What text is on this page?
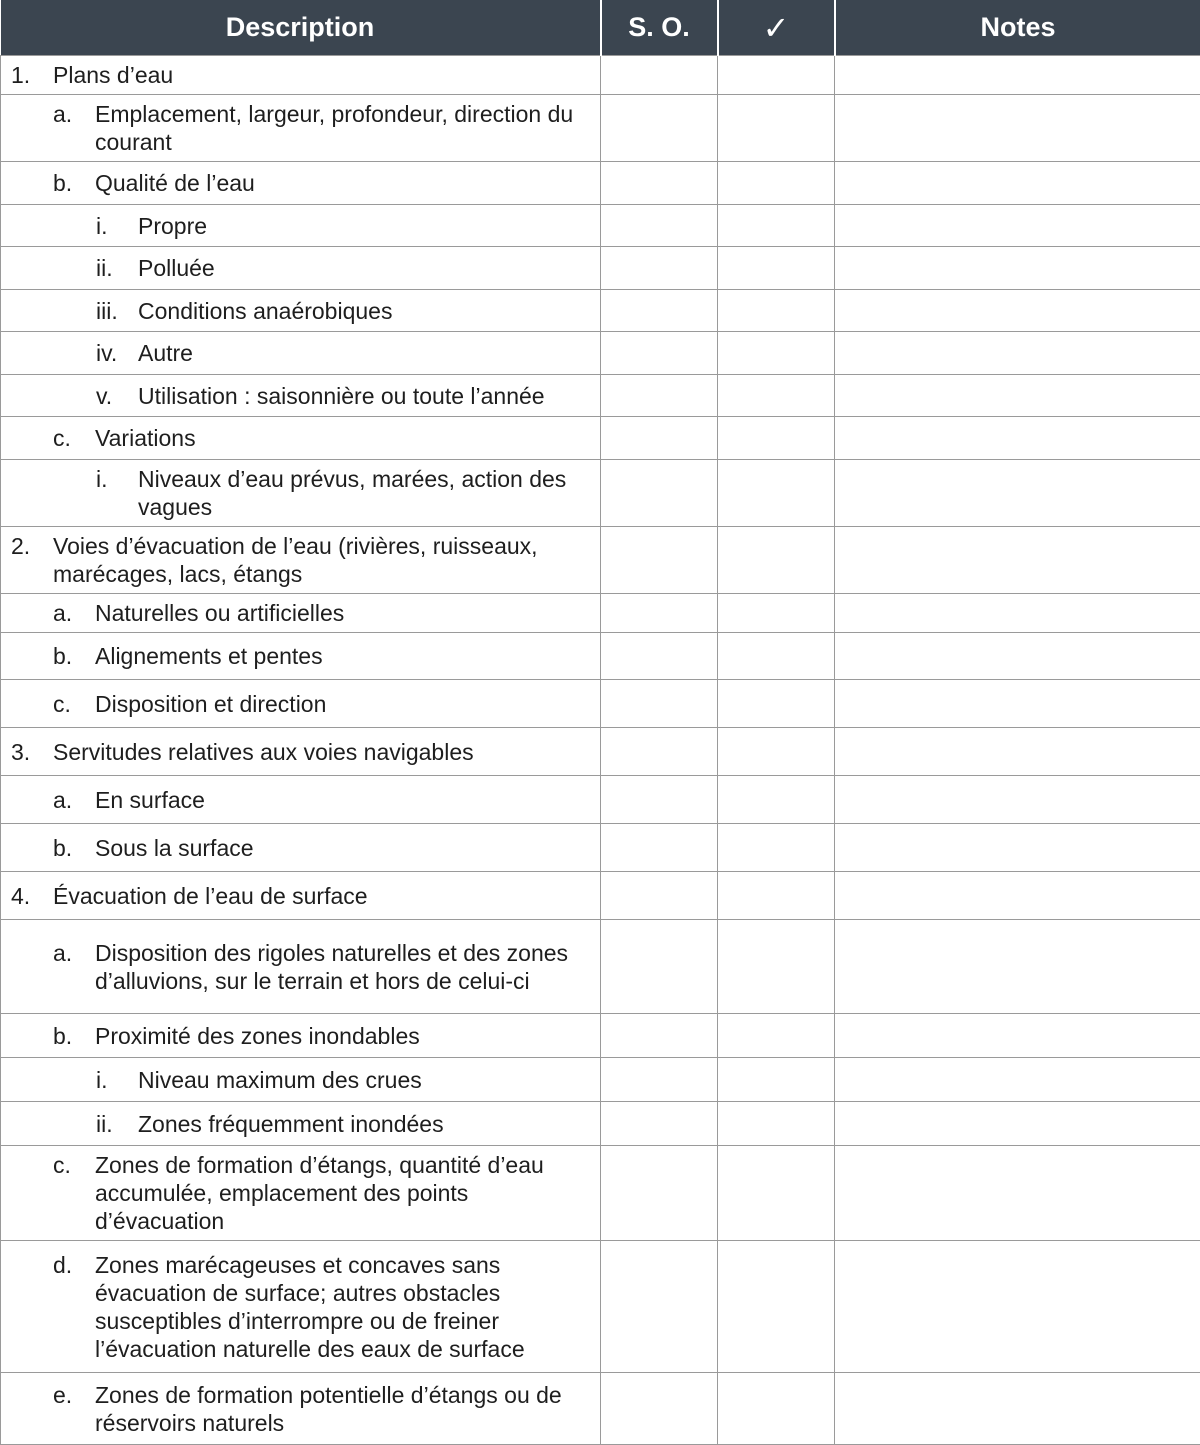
Description	S. O.	✓	Notes

1. Plans d’eau			

a. Emplacement, largeur, profondeur, direction du courant			

b. Qualité de l’eau			

i. Propre			

ii. Polluée			

iii. Conditions anaérobiques			

iv. Autre			

v. Utilisation : saisonnière ou toute l’année			

c. Variations			

i. Niveaux d’eau prévus, marées, action des vagues			

2. Voies d’évacuation de l’eau (rivières, ruisseaux, marécages, lacs, étangs			

a. Naturelles ou artificielles			

b. Alignements et pentes			

c. Disposition et direction			

3. Servitudes relatives aux voies navigables			

a. En surface			

b. Sous la surface			

4. Évacuation de l’eau de surface			

a. Disposition des rigoles naturelles et des zones d’alluvions, sur le terrain et hors de celui-ci			

b. Proximité des zones inondables			

i. Niveau maximum des crues			

ii. Zones fréquemment inondées			

c. Zones de formation d’étangs, quantité d’eau accumulée, emplacement des points d’évacuation			

d. Zones marécageuses et concaves sans évacuation de surface; autres obstacles susceptibles d’interrompre ou de freiner l’évacuation naturelle des eaux de surface			

e. Zones de formation potentielle d’étangs ou de réservoirs naturels			
